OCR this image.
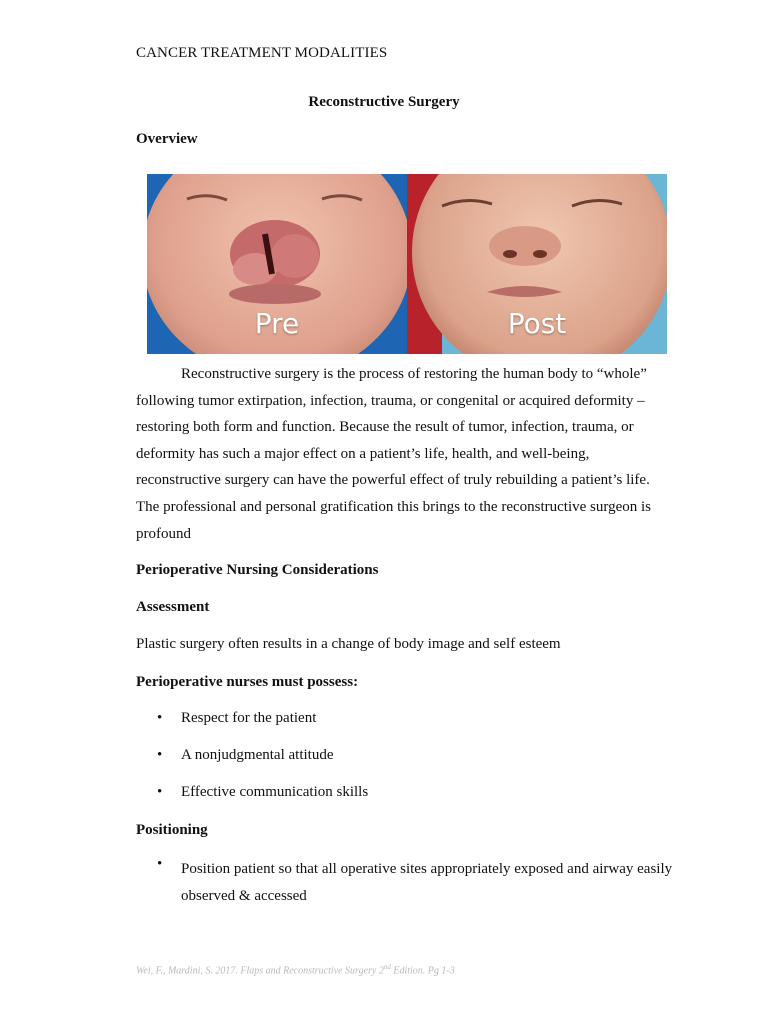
CANCER TREATMENT MODALITIES
Reconstructive Surgery
Overview
Pre	Post
Reconstructive surgery is the process of restoring the human body to “whole”
following tumor extirpation, infection, trauma, or congenital or acquired deformity –
restoring both form and function. Because the result of tumor, infection, trauma, or
deformity has such a major effect on a patient’s life, health, and well-being,
reconstructive surgery can have the powerful effect of truly rebuilding a patient’s life.
The professional and personal gratification this brings to the reconstructive surgeon is
profound
Perioperative Nursing Considerations
Assessment
Plastic surgery often results in a change of body image and self esteem
Perioperative nurses must possess:
• Respect for the patient
• A nonjudgmental attitude
• Effective communication skills
Positioning
• Position patient so that all operative sites appropriately exposed and airway easily
observed & accessed
Wei, F., Mardini, S. 2017. Flaps and Reconstructive Surgery 2nd Edition. Pg 1-3
